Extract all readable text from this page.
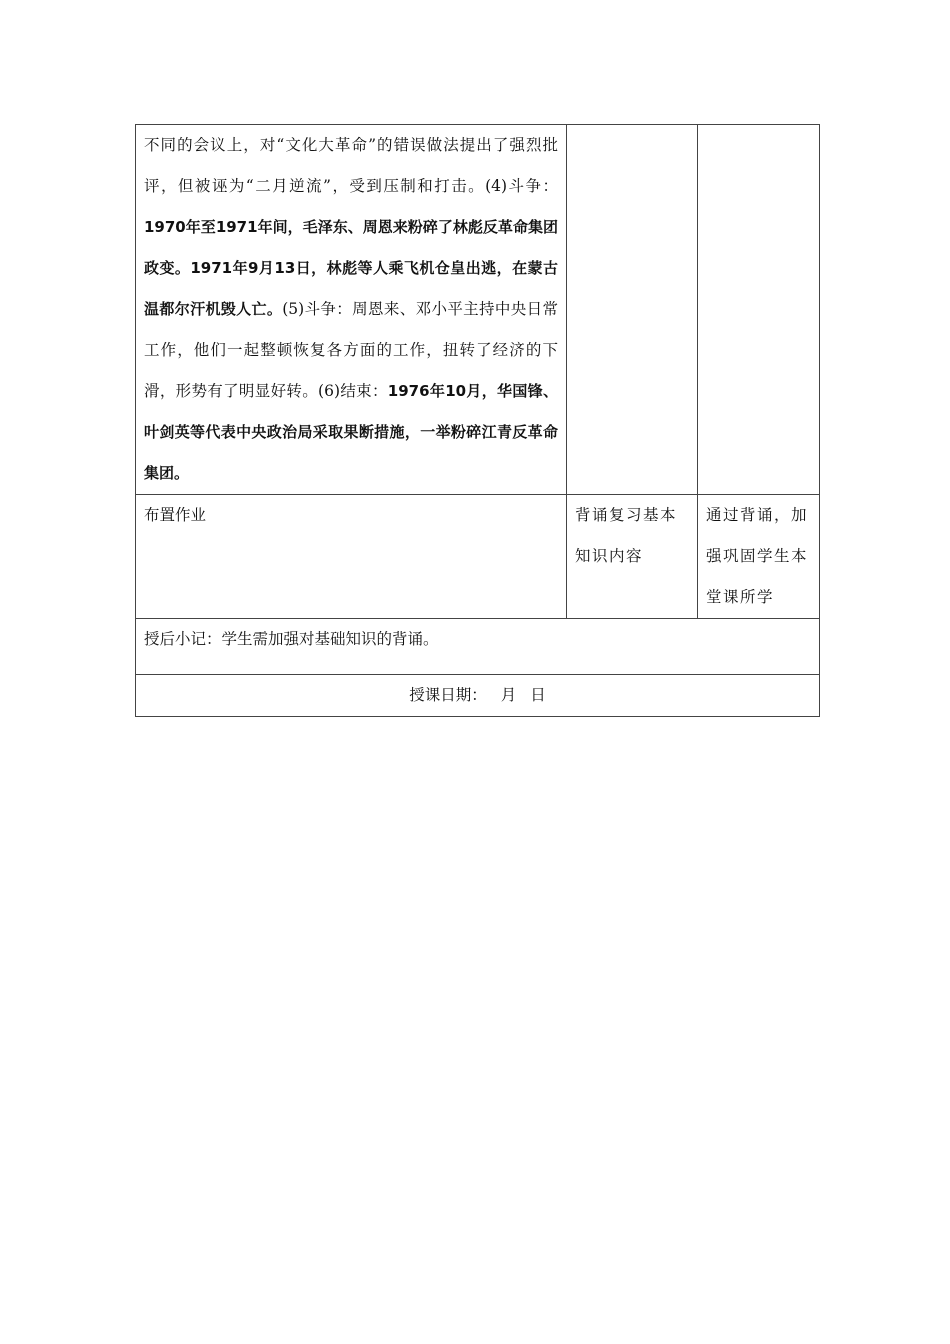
不同的会议上，对“文化大革命”的错误做法提出了强烈批评，但被诬为“二月逆流”，受到压制和打击。(4)斗争：1970年至1971年间，毛泽东、周恩来粉碎了林彪反革命集团政变。1971年9月13日，林彪等人乘飞机仓皇出逃，在蒙古温都尔汗机毁人亡。(5)斗争：周恩来、邓小平主持中央日常工作，他们一起整顿恢复各方面的工作，扭转了经济的下滑，形势有了明显好转。(6)结束：1976年10月，华国锋、叶剑英等代表中央政治局采取果断措施，一举粉碎江青反革命集团。		

布置作业	背诵复习基本知识内容	通过背诵，加强巩固学生本堂课所学
授后小记：学生需加强对基础知识的背诵。		
授课日期： 月 日		
